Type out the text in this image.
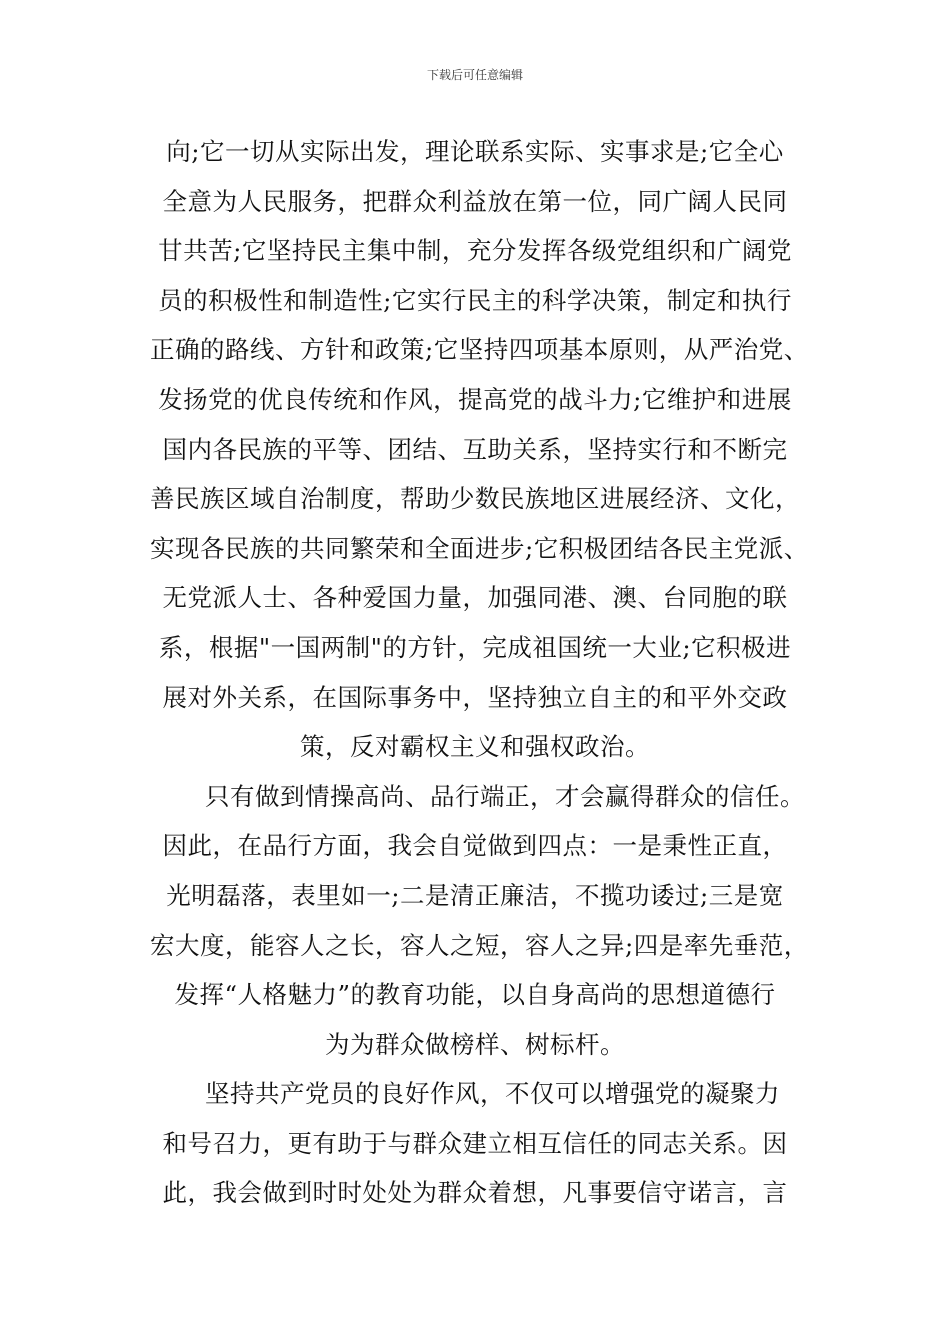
下载后可任意编辑
向;它一切从实际出发，理论联系实际、实事求是;它全心
全意为人民服务，把群众利益放在第一位，同广阔人民同
甘共苦;它坚持民主集中制，充分发挥各级党组织和广阔党
员的积极性和制造性;它实行民主的科学决策，制定和执行
正确的路线、方针和政策;它坚持四项基本原则，从严治党、
发扬党的优良传统和作风，提高党的战斗力;它维护和进展
国内各民族的平等、团结、互助关系，坚持实行和不断完
善民族区域自治制度，帮助少数民族地区进展经济、文化，
实现各民族的共同繁荣和全面进步;它积极团结各民主党派、
无党派人士、各种爱国力量，加强同港、澳、台同胞的联
系，根据"一国两制"的方针，完成祖国统一大业;它积极进
展对外关系，在国际事务中，坚持独立自主的和平外交政
策，反对霸权主义和强权政治。
只有做到情操高尚、品行端正，才会赢得群众的信任。
因此，在品行方面，我会自觉做到四点：一是秉性正直，
光明磊落，表里如一;二是清正廉洁，不揽功诿过;三是宽
宏大度，能容人之长，容人之短，容人之异;四是率先垂范，
发挥“人格魅力”的教育功能，以自身高尚的思想道德行
为为群众做榜样、树标杆。
坚持共产党员的良好作风，不仅可以增强党的凝聚力
和号召力，更有助于与群众建立相互信任的同志关系。因
此，我会做到时时处处为群众着想，凡事要信守诺言，言
